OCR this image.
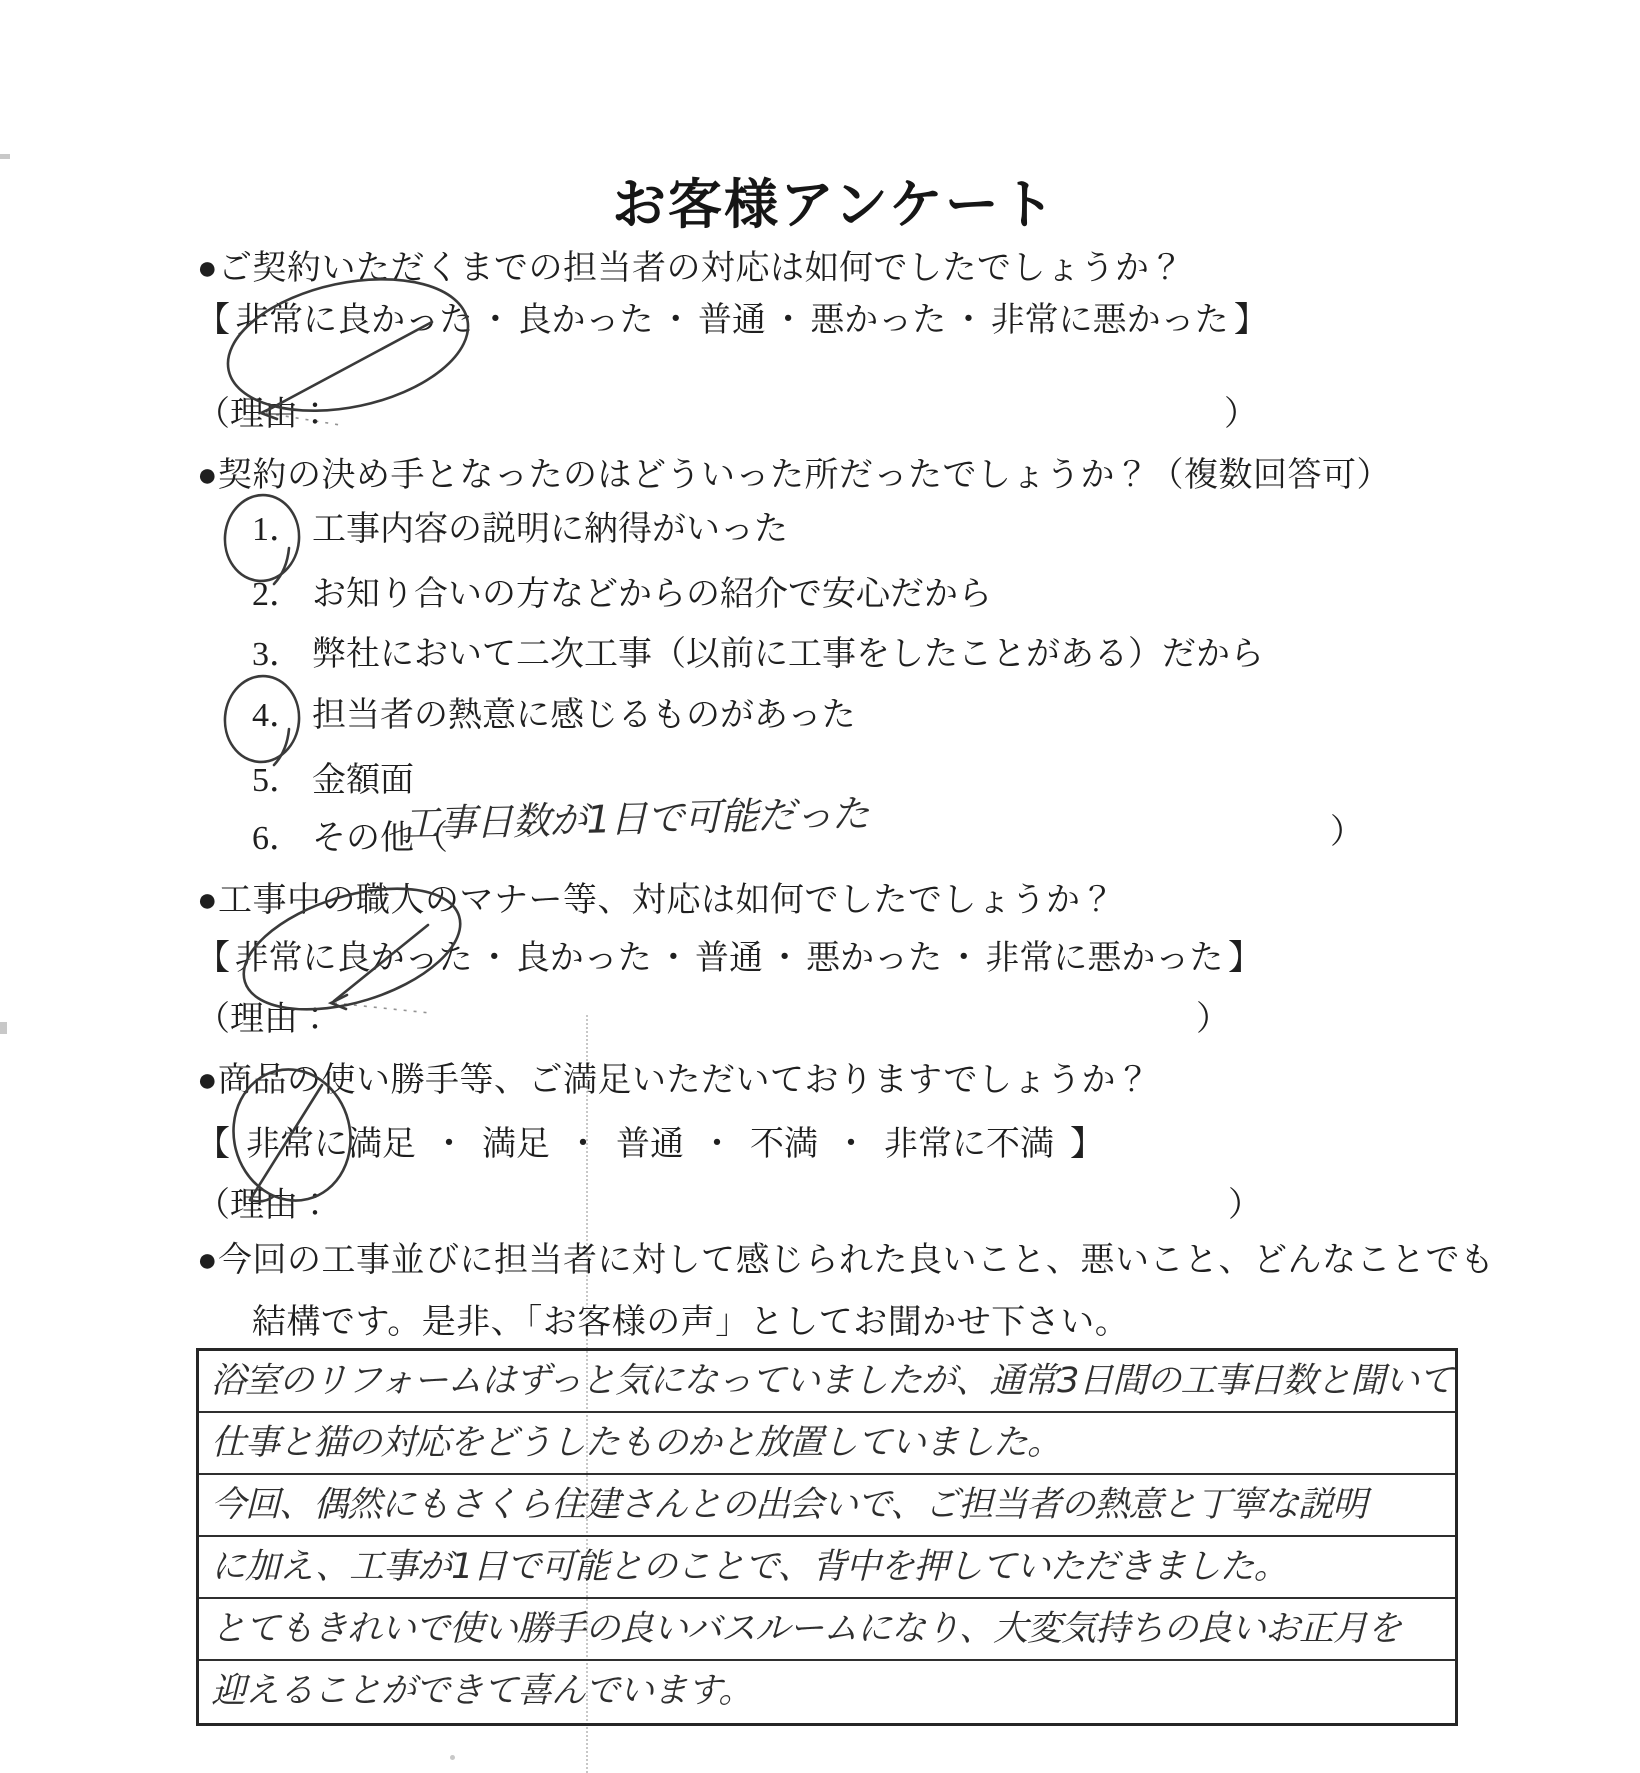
お客様アンケート
●ご契約いただくまでの担当者の対応は如何でしたでしょうか？
【 非常に良かった ・ 良かった ・ 普通 ・ 悪かった ・ 非常に悪かった 】
（理由：	）
●契約の決め手となったのはどういった所だったでしょうか？（複数回答可）
1． 工事内容の説明に納得がいった
2． お知り合いの方などからの紹介で安心だから
3． 弊社において二次工事（以前に工事をしたことがある）だから
4． 担当者の熱意に感じるものがあった
5． 金額面
6． その他（
工事日数が1日で可能だった	）
●工事中の職人のマナー等、対応は如何でしたでしょうか？
【 非常に良かった ・ 良かった ・ 普通 ・ 悪かった ・ 非常に悪かった 】
（理由：	）
●商品の使い勝手等、ご満足いただいておりますでしょうか？
【 非常に満足 ・ 満足 ・ 普通 ・ 不満 ・ 非常に不満 】
（理由：	）
●今回の工事並びに担当者に対して感じられた良いこと、悪いこと、どんなことでも
結構です。是非、「お客様の声」としてお聞かせ下さい。
浴室のリフォームはずっと気になっていましたが、通常3日間の工事日数と聞いて
仕事と猫の対応をどうしたものかと放置していました。
今回、偶然にもさくら住建さんとの出会いで、ご担当者の熱意と丁寧な説明
に加え、工事が1日で可能とのことで、背中を押していただきました。
とてもきれいで使い勝手の良いバスルームになり、大変気持ちの良いお正月を
迎えることができて喜んでいます。
